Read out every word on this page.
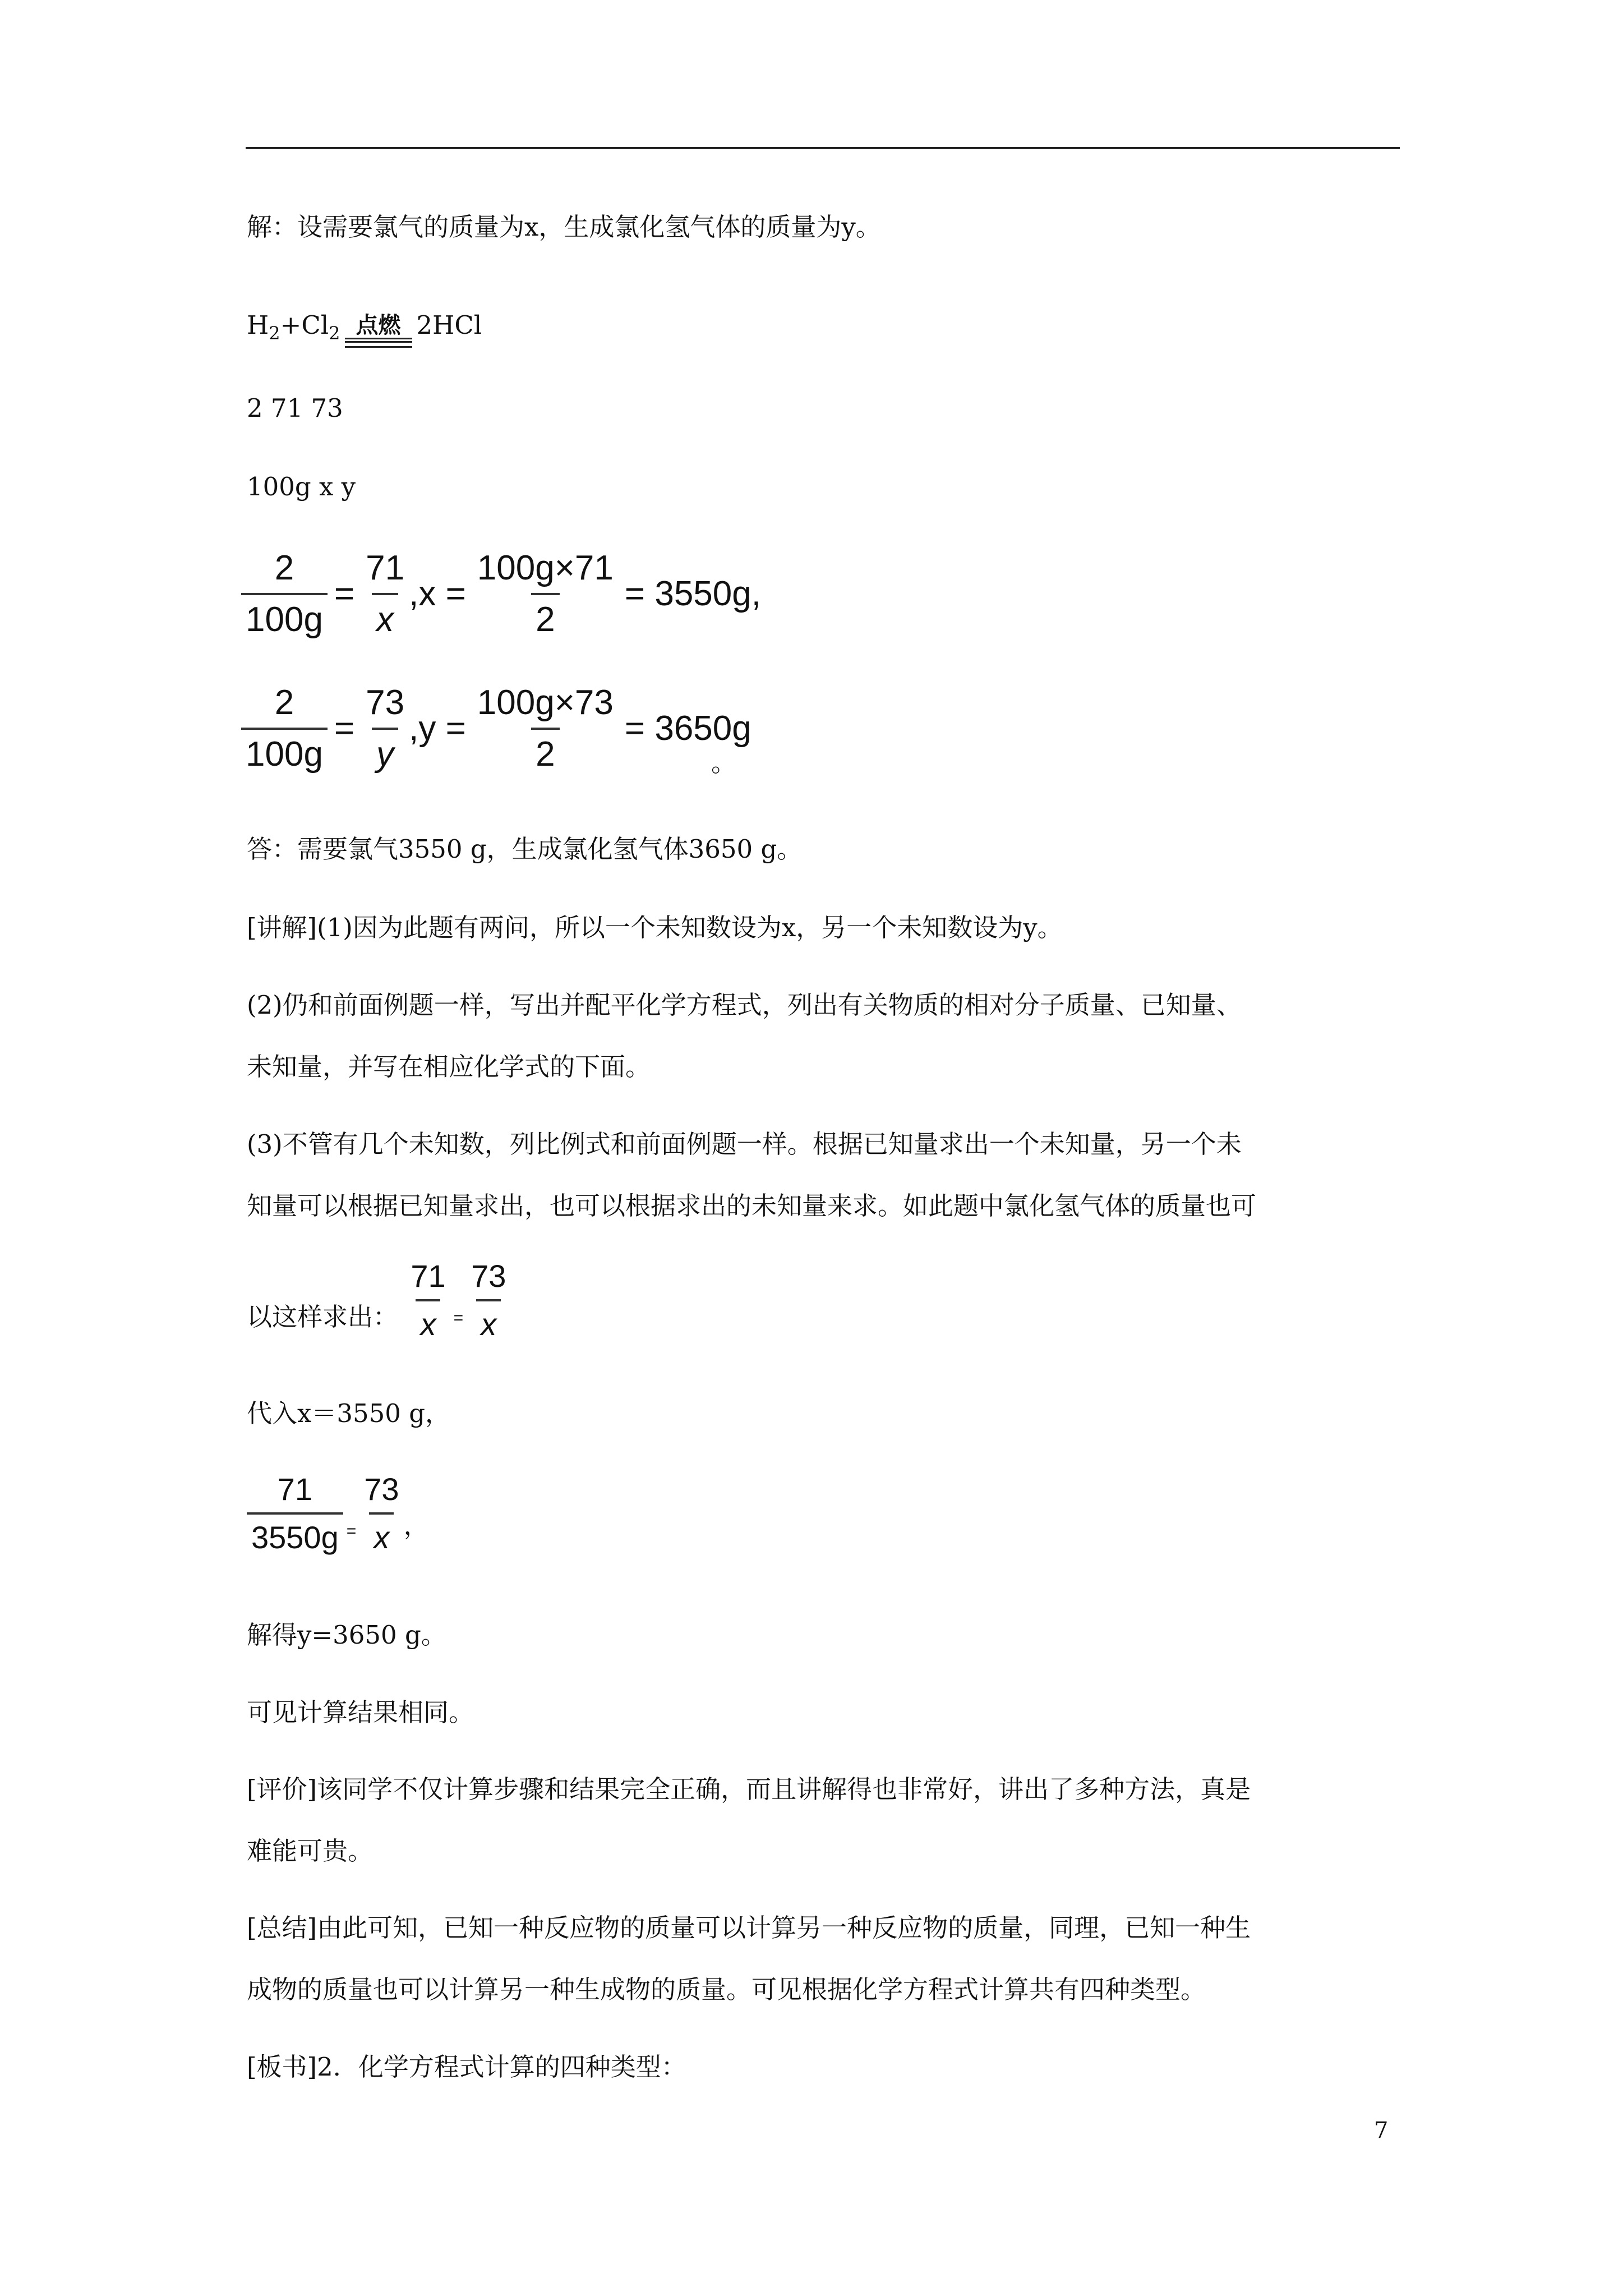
解：设需要氯气的质量为x，生成氯化氢气体的质量为y。
$H_2+Cl_2$ 点燃 2HCl
2 71 73
100g x y
$\frac{2}{100g} = \frac{71}{x} ,x = \frac{100g\times 71}{2} = 3550g$,
$\frac{2}{100g} = \frac{73}{y} ,y = \frac{100g\times 73}{2} = 3650g$
。
答：需要氯气3550 g，生成氯化氢气体3650 g。
[讲解](1)因为此题有两问，所以一个未知数设为x，另一个未知数设为y。
(2)仍和前面例题一样，写出并配平化学方程式，列出有关物质的相对分子质量、已知量、
未知量，并写在相应化学式的下面。
(3)不管有几个未知数，列比例式和前面例题一样。根据已知量求出一个未知量，另一个未
知量可以根据已知量求出，也可以根据求出的未知量来求。如此题中氯化氢气体的质量也可
以这样求出： $\frac{71}{x} _= \frac{73}{x}$
代入x＝3550 g，
$\frac{71}{3550g} _= \frac{73}{x} _,$
解得y=3650 g。
可见计算结果相同。
[评价]该同学不仅计算步骤和结果完全正确，而且讲解得也非常好，讲出了多种方法，真是
难能可贵。
[总结]由此可知，已知一种反应物的质量可以计算另一种反应物的质量，同理，已知一种生
成物的质量也可以计算另一种生成物的质量。可见根据化学方程式计算共有四种类型。
[板书]2．化学方程式计算的四种类型：
7
